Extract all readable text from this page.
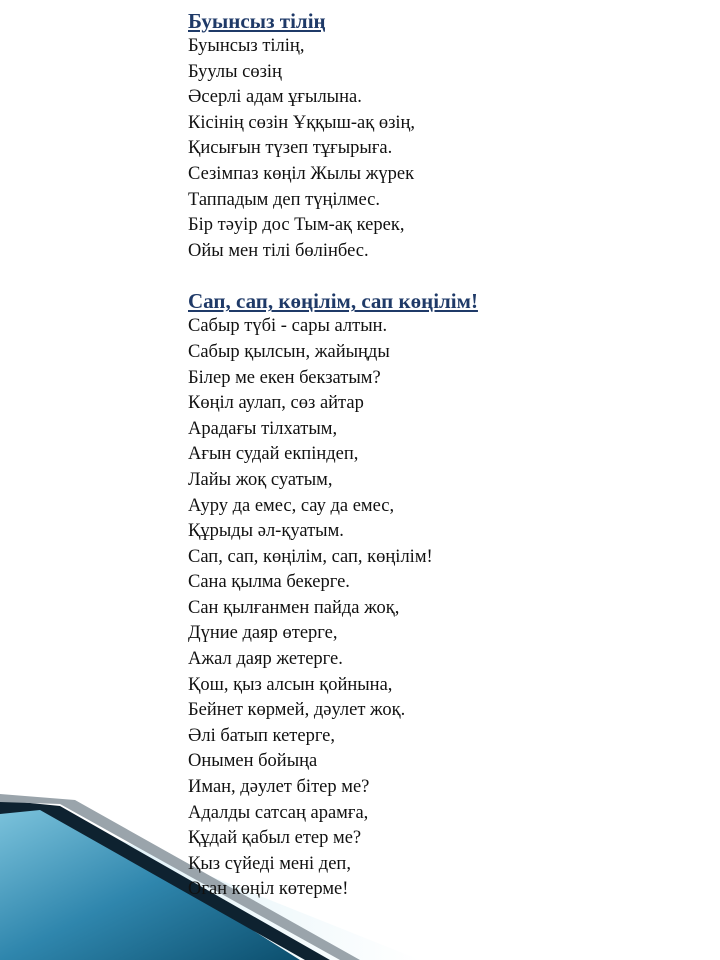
Буынсыз тілің
Буынсыз тілің,
Буулы сөзің
Әсерлі адам ұғылына.
Кісінің сөзін Ұққыш-ақ өзің,
Қисығын түзеп тұғырыға.
Сезімпаз көңіл Жылы жүрек
Таппадым деп түңілмес.
Бір тәуір дос Тым-ақ керек,
Ойы мен тілі бөлінбес.
Сап, сап, көңілім, сап көңілім!
Сабыр түбі - сары алтын.
Сабыр қылсын, жайыңды
Білер ме екен бекзатым?
Көңіл аулап, сөз айтар
Арадағы тілхатым,
Ағын судай екпіндеп,
Лайы жоқ суатым,
Ауру да емес, сау да емес,
Құрыды әл-қуатым.
Сап, сап, көңілім, сап, көңілім!
Сана қылма бекерге.
Сан қылғанмен пайда жоқ,
Дүние даяр өтерге,
Ажал даяр жетерге.
Қош, қыз алсын қойнына,
Бейнет көрмей, дәулет жоқ.
Әлі батып кетерге,
Онымен бойыңа
Иман, дәулет бітер ме?
Адалды сатсаң арамға,
Құдай қабыл етер ме?
Қыз сүйеді мені деп,
Оған көңіл көтерме!
